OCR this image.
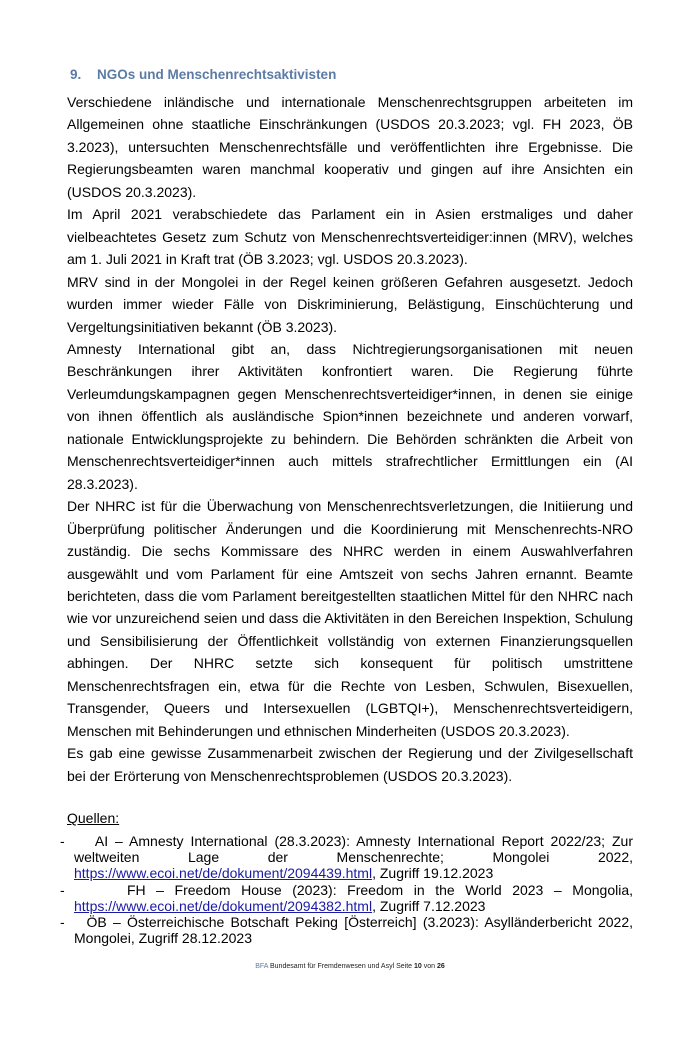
9. NGOs und Menschenrechtsaktivisten

Verschiedene inländische und internationale Menschenrechtsgruppen arbeiteten im Allgemeinen ohne staatliche Einschränkungen (USDOS 20.3.2023; vgl. FH 2023, ÖB 3.2023), untersuchten Menschenrechtsfälle und veröffentlichten ihre Ergebnisse. Die Regierungsbeamten waren manchmal kooperativ und gingen auf ihre Ansichten ein (USDOS 20.3.2023).

Im April 2021 verabschiedete das Parlament ein in Asien erstmaliges und daher vielbeachtetes Gesetz zum Schutz von Menschenrechtsverteidiger:innen (MRV), welches am 1. Juli 2021 in Kraft trat (ÖB 3.2023; vgl. USDOS 20.3.2023).

MRV sind in der Mongolei in der Regel keinen größeren Gefahren ausgesetzt. Jedoch wurden immer wieder Fälle von Diskriminierung, Belästigung, Einschüchterung und Vergeltungsinitiativen bekannt (ÖB 3.2023).

Amnesty International gibt an, dass Nichtregierungsorganisationen mit neuen Beschränkungen ihrer Aktivitäten konfrontiert waren. Die Regierung führte Verleumdungskampagnen gegen Menschenrechtsverteidiger*innen, in denen sie einige von ihnen öffentlich als ausländische Spion*innen bezeichnete und anderen vorwarf, nationale Entwicklungsprojekte zu behindern. Die Behörden schränkten die Arbeit von Menschenrechtsverteidiger*innen auch mittels strafrechtlicher Ermittlungen ein (AI 28.3.2023).

Der NHRC ist für die Überwachung von Menschenrechtsverletzungen, die Initiierung und Überprüfung politischer Änderungen und die Koordinierung mit Menschenrechts-NRO zuständig. Die sechs Kommissare des NHRC werden in einem Auswahlverfahren ausgewählt und vom Parlament für eine Amtszeit von sechs Jahren ernannt. Beamte berichteten, dass die vom Parlament bereitgestellten staatlichen Mittel für den NHRC nach wie vor unzureichend seien und dass die Aktivitäten in den Bereichen Inspektion, Schulung und Sensibilisierung der Öffentlichkeit vollständig von externen Finanzierungsquellen abhingen. Der NHRC setzte sich konsequent für politisch umstrittene Menschenrechtsfragen ein, etwa für die Rechte von Lesben, Schwulen, Bisexuellen, Transgender, Queers und Intersexuellen (LGBTQI+), Menschenrechtsverteidigern, Menschen mit Behinderungen und ethnischen Minderheiten (USDOS 20.3.2023).

Es gab eine gewisse Zusammenarbeit zwischen der Regierung und der Zivilgesellschaft bei der Erörterung von Menschenrechtsproblemen (USDOS 20.3.2023).

Quellen:

- AI – Amnesty International (28.3.2023): Amnesty International Report 2022/23; Zur weltweiten Lage der Menschenrechte; Mongolei 2022, https://www.ecoi.net/de/dokument/2094439.html, Zugriff 19.12.2023

-	FH – Freedom House (2023): Freedom in the World 2023 – Mongolia, https://www.ecoi.net/de/dokument/2094382.html, Zugriff 7.12.2023

- ÖB – Österreichische Botschaft Peking [Österreich] (3.2023): Asylländerbericht 2022, Mongolei, Zugriff 28.12.2023

BFA Bundesamt für Fremdenwesen und Asyl Seite 10 von 26
